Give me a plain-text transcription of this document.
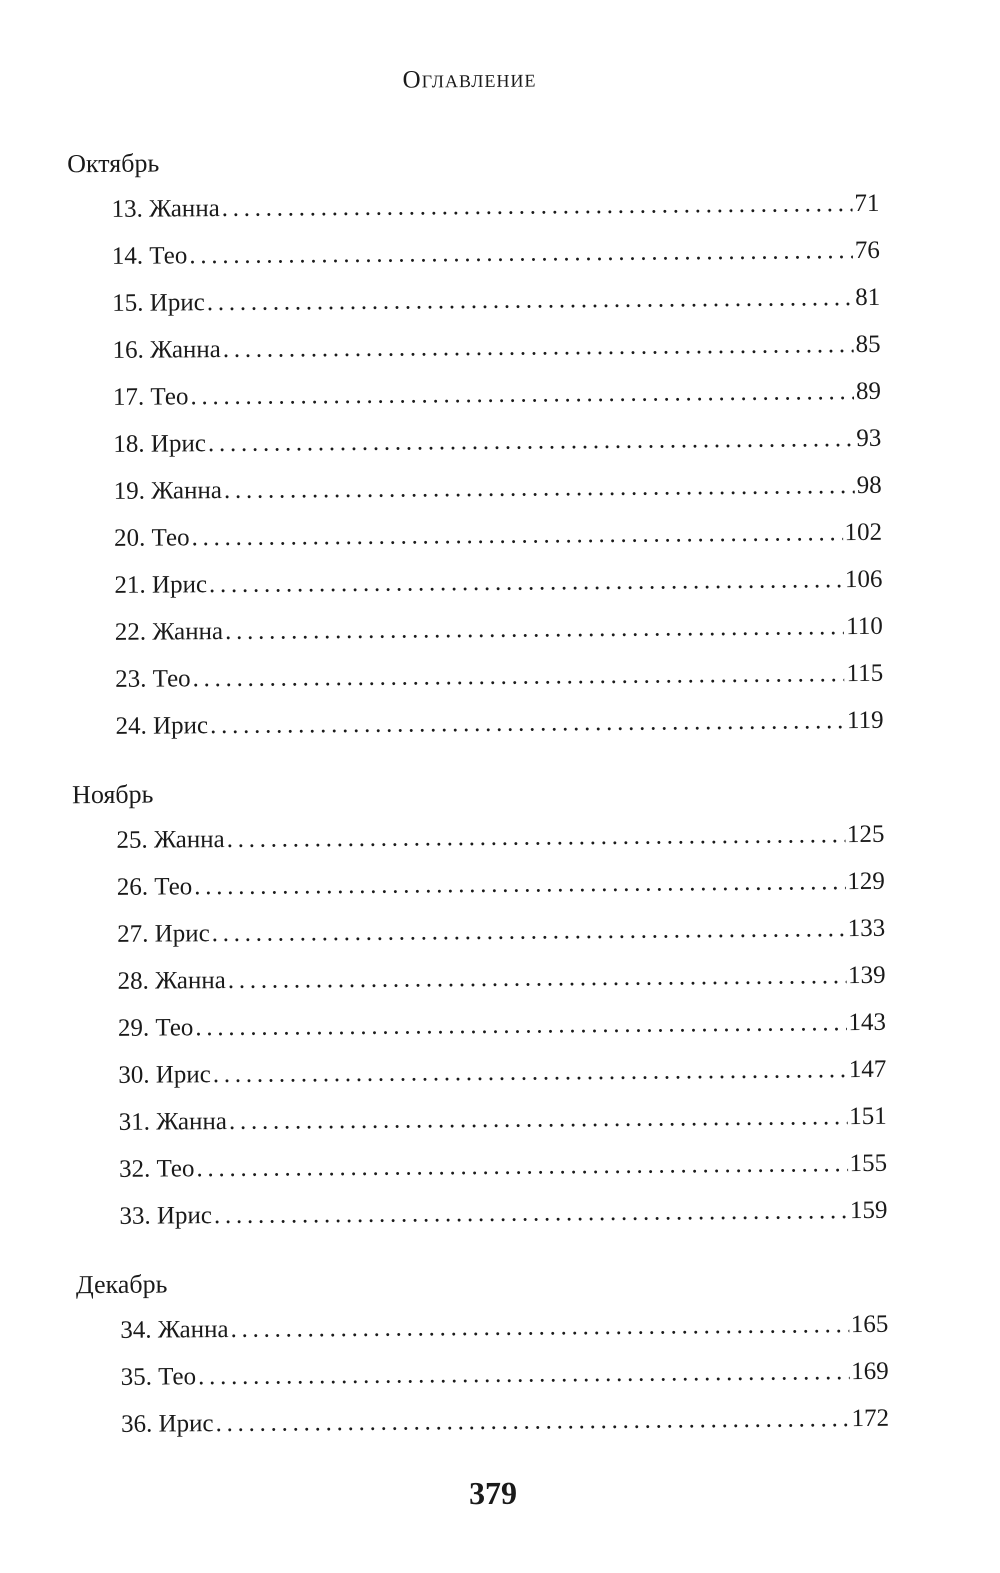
Оглавление
Октябрь
13. Жанна . . .	71
14. Тео . . .	76
15. Ирис . . .	81
16. Жанна . . .	85
17. Тео . . .	89
18. Ирис . . .	93
19. Жанна . . .	98
20. Тео . . .	102
21. Ирис . . .	106
22. Жанна . . .	110
23. Тео . . .	115
24. Ирис . . .	119
Ноябрь
25. Жанна . . .	125
26. Тео . . .	129
27. Ирис . . .	133
28. Жанна . . .	139
29. Тео . . .	143
30. Ирис . . .	147
31. Жанна . . .	151
32. Тео . . .	155
33. Ирис . . .	159
Декабрь
34. Жанна . . .	165
35. Тео . . .	169
36. Ирис . . .	172
379
